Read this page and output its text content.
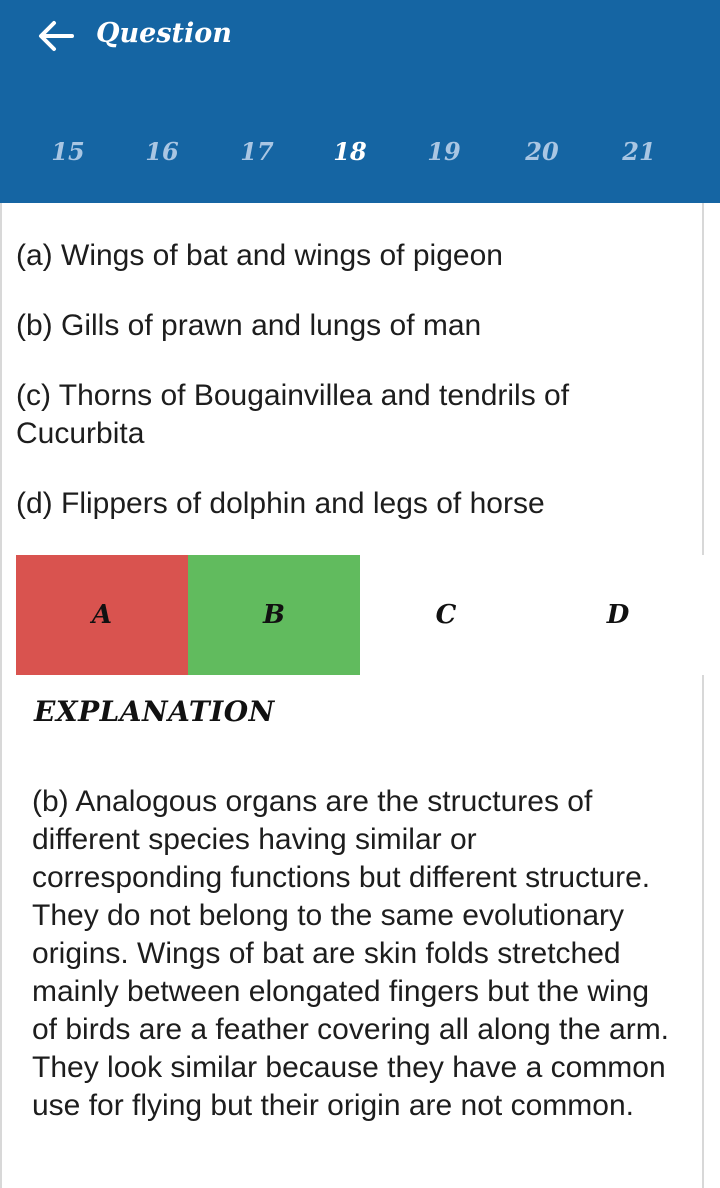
Question
15	16	17	18	19	20	21
(a) Wings of bat and wings of pigeon
(b) Gills of prawn and lungs of man
(c) Thorns of Bougainvillea and tendrils of Cucurbita
(d) Flippers of dolphin and legs of horse
A	B	C	D
EXPLANATION
(b) Analogous organs are the structures of different species having similar or corresponding functions but different structure. They do not belong to the same evolutionary origins. Wings of bat are skin folds stretched mainly between elongated fingers but the wing of birds are a feather covering all along the arm. They look similar because they have a common use for flying but their origin are not common.
